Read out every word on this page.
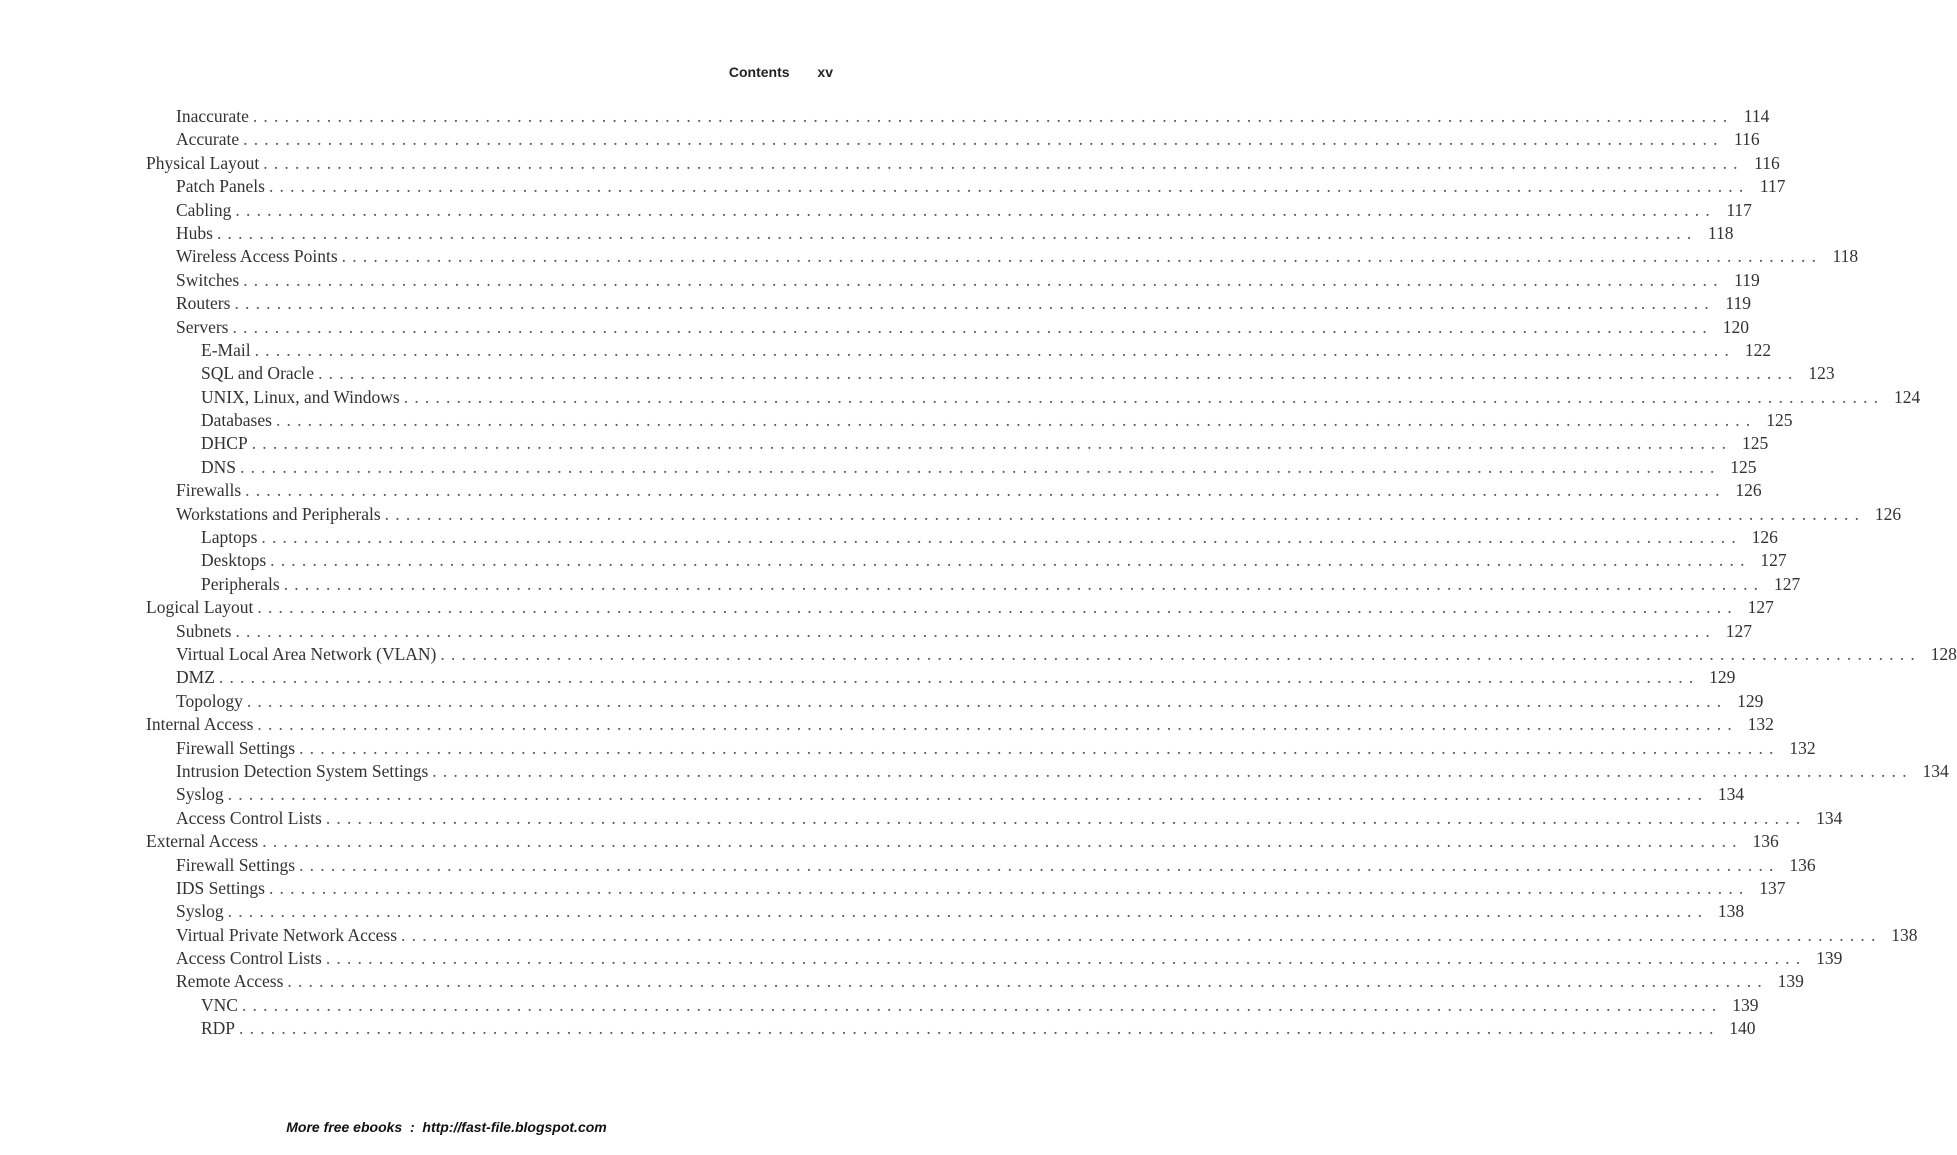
Contents xv
Inaccurate ............................................................................................................................................ 114
Accurate ............................................................................................................................................ 116
Physical Layout ............................................................................................................................................ 116
Patch Panels ............................................................................................................................................ 117
Cabling ............................................................................................................................................ 117
Hubs ............................................................................................................................................ 118
Wireless Access Points ............................................................................................................................................ 118
Switches ............................................................................................................................................ 119
Routers ............................................................................................................................................ 119
Servers ............................................................................................................................................ 120
E-Mail ............................................................................................................................................ 122
SQL and Oracle ............................................................................................................................................ 123
UNIX, Linux, and Windows ............................................................................................................................................ 124
Databases ............................................................................................................................................ 125
DHCP ............................................................................................................................................ 125
DNS ............................................................................................................................................ 125
Firewalls ............................................................................................................................................ 126
Workstations and Peripherals ............................................................................................................................................ 126
Laptops ............................................................................................................................................ 126
Desktops ............................................................................................................................................ 127
Peripherals ............................................................................................................................................ 127
Logical Layout ............................................................................................................................................ 127
Subnets ............................................................................................................................................ 127
Virtual Local Area Network (VLAN) ............................................................................................................................................ 128
DMZ ............................................................................................................................................ 129
Topology ............................................................................................................................................ 129
Internal Access ............................................................................................................................................ 132
Firewall Settings ............................................................................................................................................ 132
Intrusion Detection System Settings ............................................................................................................................................ 134
Syslog ............................................................................................................................................ 134
Access Control Lists ............................................................................................................................................ 134
External Access ............................................................................................................................................ 136
Firewall Settings ............................................................................................................................................ 136
IDS Settings ............................................................................................................................................ 137
Syslog ............................................................................................................................................ 138
Virtual Private Network Access ............................................................................................................................................ 138
Access Control Lists ............................................................................................................................................ 139
Remote Access ............................................................................................................................................ 139
VNC ............................................................................................................................................ 139
RDP ............................................................................................................................................ 140
More free ebooks  :  http://fast-file.blogspot.com
